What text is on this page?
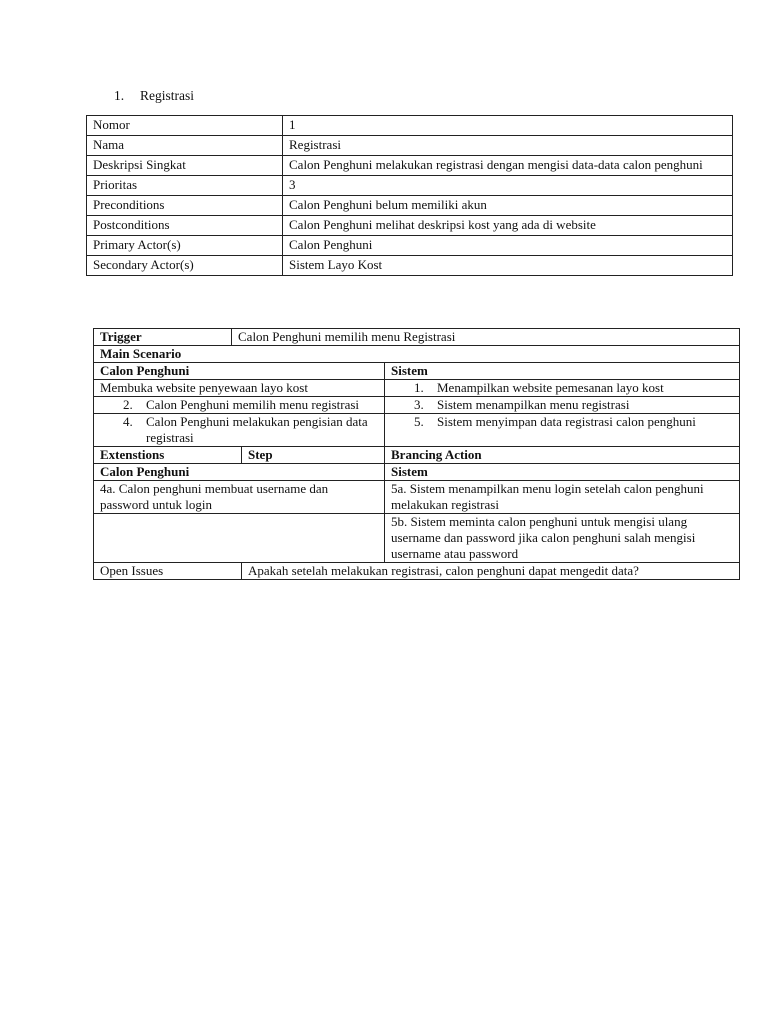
1. Registrasi
Nomor	1
Nama	Registrasi
Deskripsi Singkat	Calon Penghuni melakukan registrasi dengan mengisi data-data calon penghuni
Prioritas	3
Preconditions	Calon Penghuni belum memiliki akun
Postconditions	Calon Penghuni melihat deskripsi kost yang ada di website
Primary Actor(s)	Calon Penghuni
Secondary Actor(s)	Sistem Layo Kost
Trigger	Calon Penghuni memilih menu Registrasi		
Main Scenario			
Calon Penghuni			Sistem
Membuka website penyewaan layo kost			1. Menampilkan website pemesanan layo kost
2. Calon Penghuni memilih menu registrasi			3. Sistem menampilkan menu registrasi
4. Calon Penghuni melakukan pengisian data registrasi			5. Sistem menyimpan data registrasi calon penghuni
Extenstions		Step	Brancing Action
Calon Penghuni			Sistem
4a. Calon penghuni membuat username dan password untuk login			5a. Sistem menampilkan menu login setelah calon penghuni melakukan registrasi
			5b. Sistem meminta calon penghuni untuk mengisi ulang username dan password jika calon penghuni salah mengisi username atau password
Open Issues		Apakah setelah melakukan registrasi, calon penghuni dapat mengedit data?	
